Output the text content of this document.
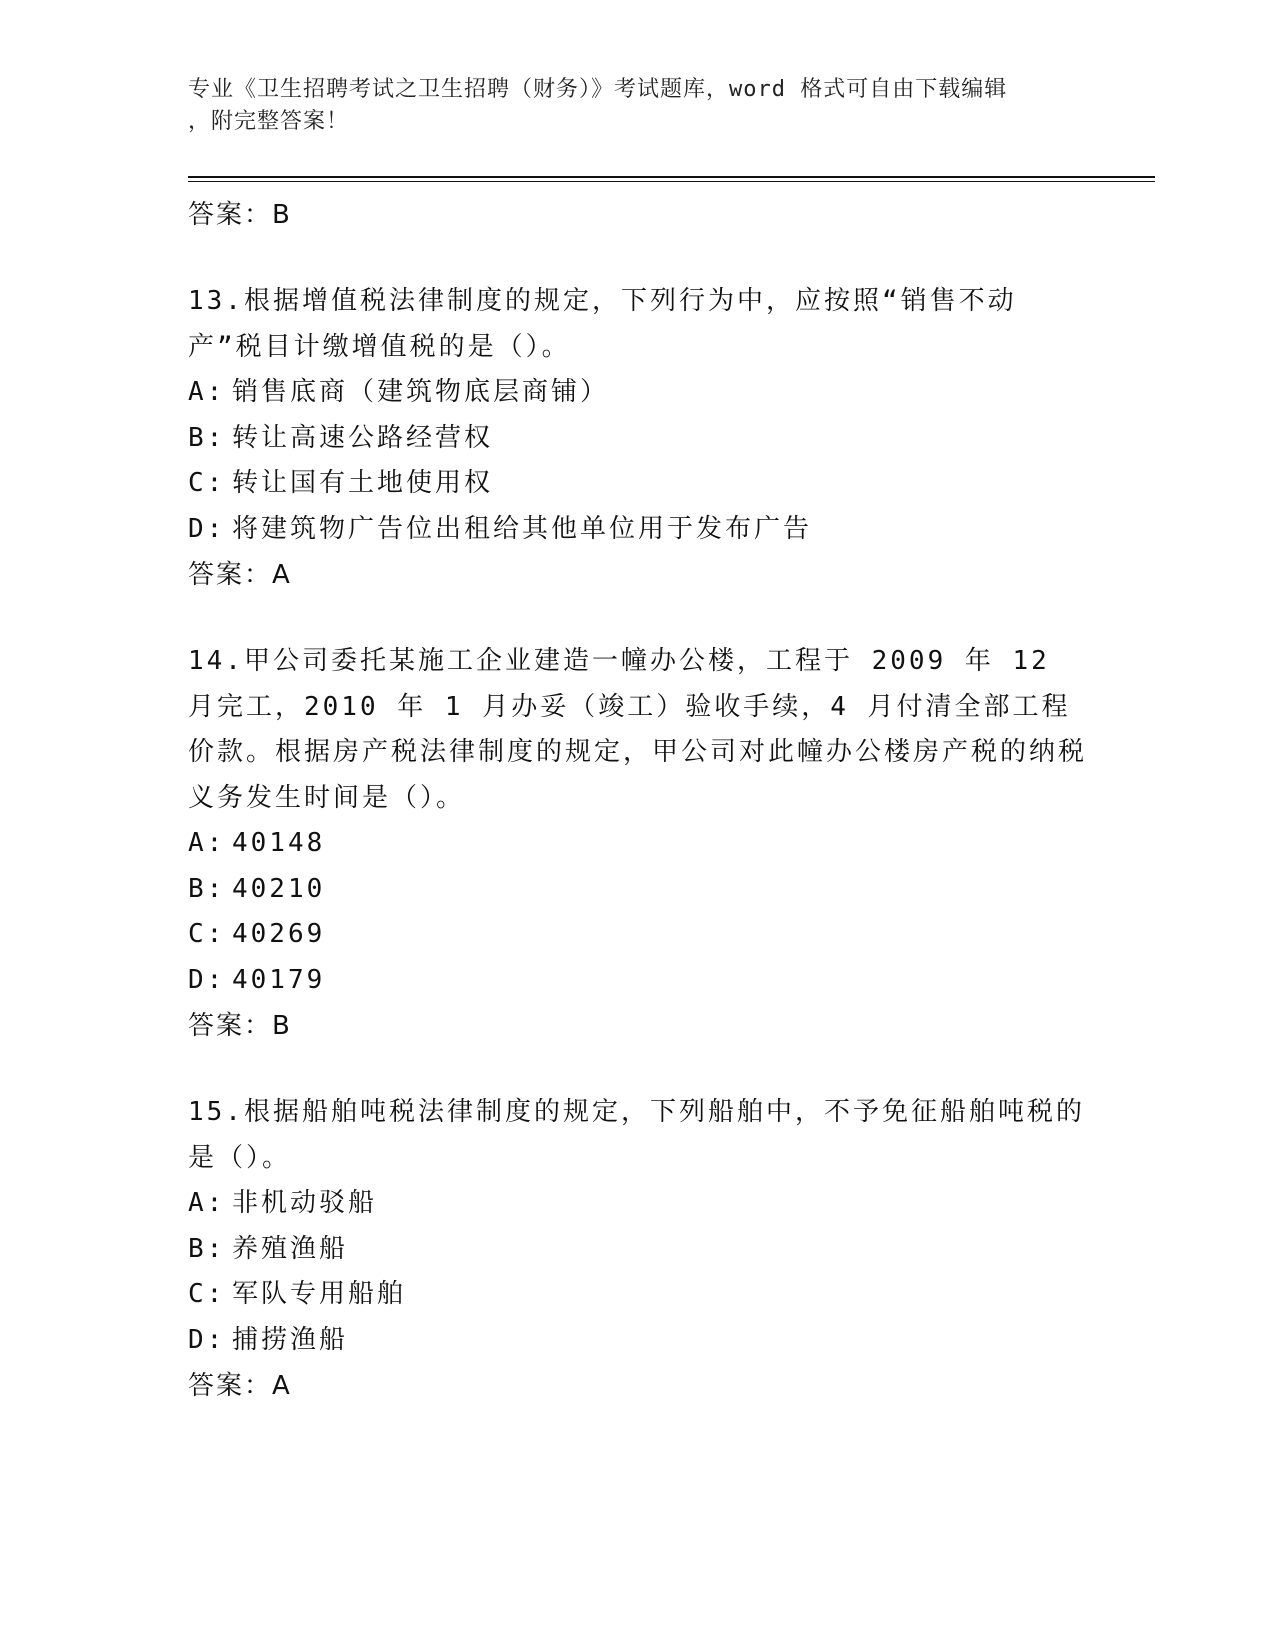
专业《卫生招聘考试之卫生招聘（财务）》考试题库，word 格式可自由下载编辑
，附完整答案！
答案：B
13.根据增值税法律制度的规定，下列行为中，应按照“销售不动产”税目计缴增值税的是（）。
A: 销售底商（建筑物底层商铺）
B: 转让高速公路经营权
C: 转让国有土地使用权
D: 将建筑物广告位出租给其他单位用于发布广告
答案：A
14.甲公司委托某施工企业建造一幢办公楼，工程于 2009 年 12 月完工，2010 年 1 月办妥（竣工）验收手续，4 月付清全部工程价款。根据房产税法律制度的规定，甲公司对此幢办公楼房产税的纳税义务发生时间是（）。
A: 40148
B: 40210
C: 40269
D: 40179
答案：B
15.根据船舶吨税法律制度的规定，下列船舶中，不予免征船舶吨税的是（）。
A: 非机动驳船
B: 养殖渔船
C: 军队专用船舶
D: 捕捞渔船
答案：A
